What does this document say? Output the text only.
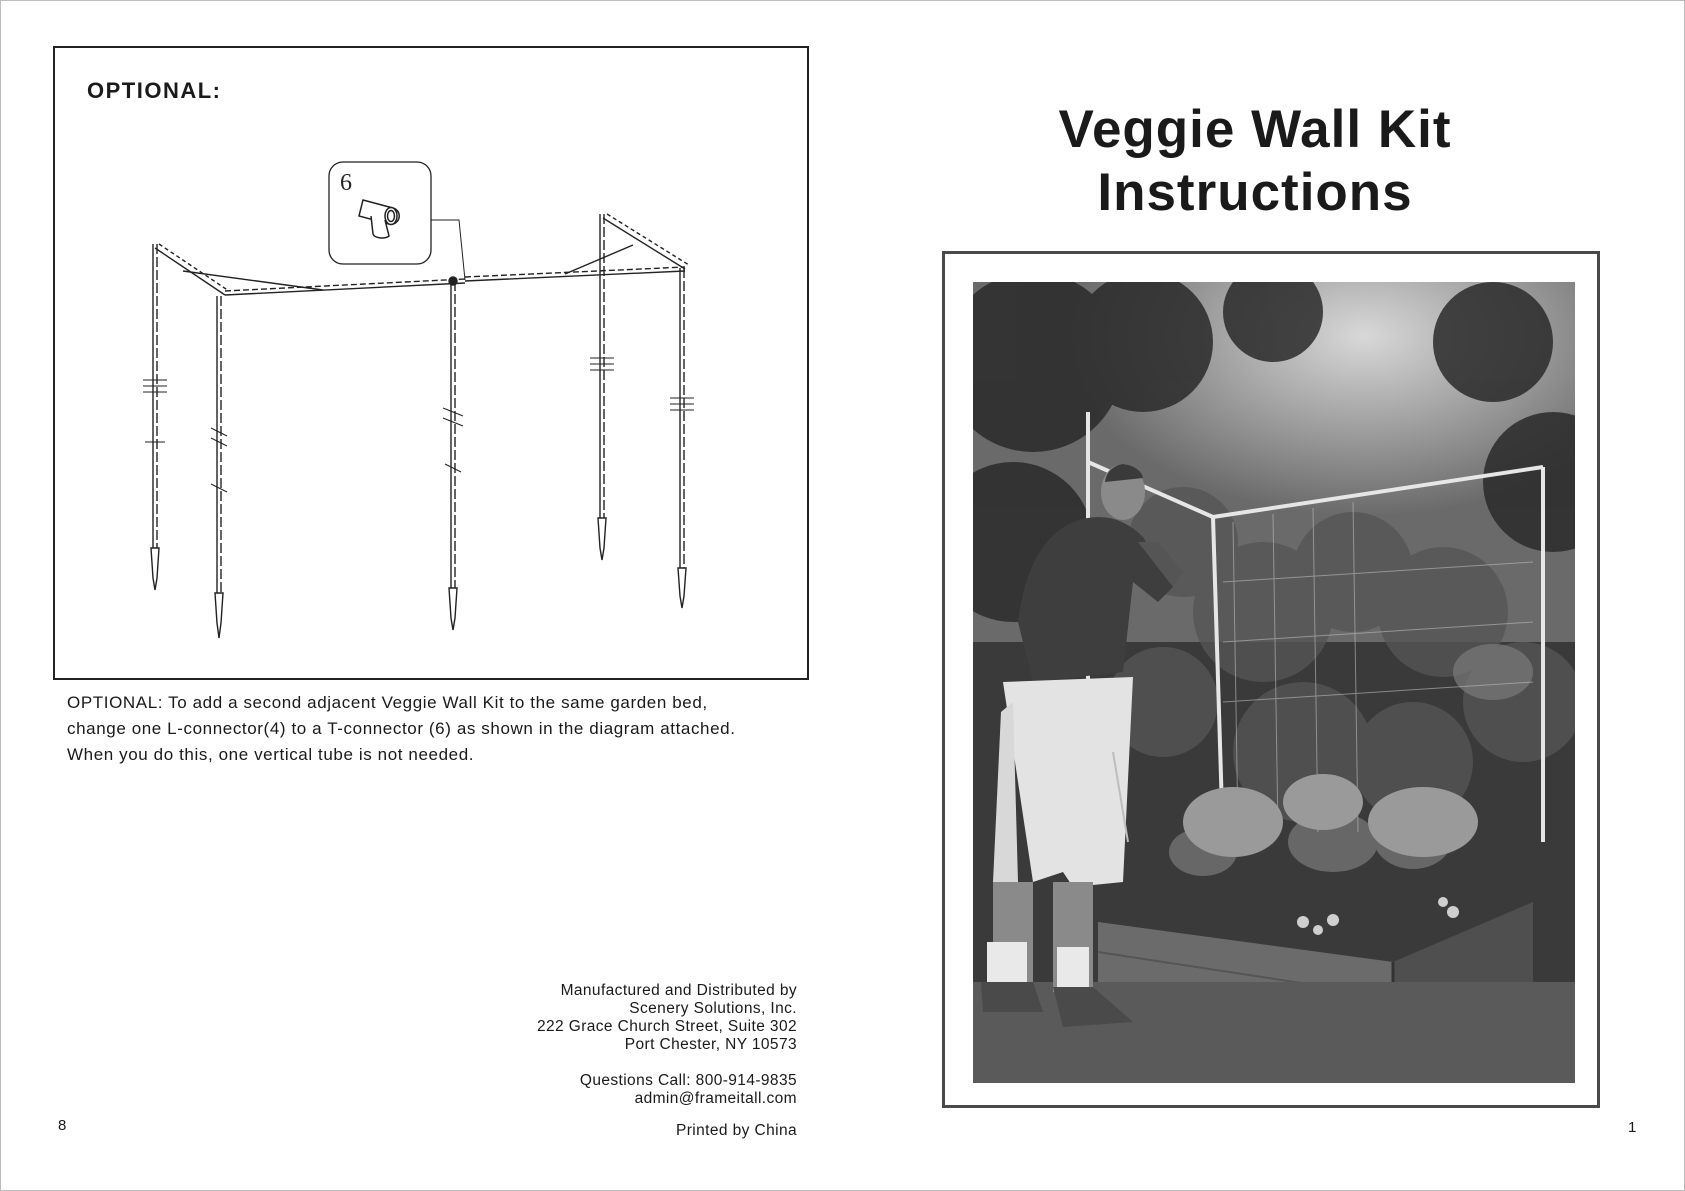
OPTIONAL:
6

OPTIONAL: To add a second adjacent Veggie Wall Kit to the same garden bed,

change one L-connector(4) to a T-connector (6) as shown in the diagram attached.

When you do this, one vertical tube is not needed.

Manufactured and Distributed by

Scenery Solutions, Inc.

222 Grace Church Street, Suite 302

Port Chester, NY 10573

Questions Call: 800-914-9835

admin@frameitall.com

Printed by China
8

Veggie Wall Kit

Instructions

1
